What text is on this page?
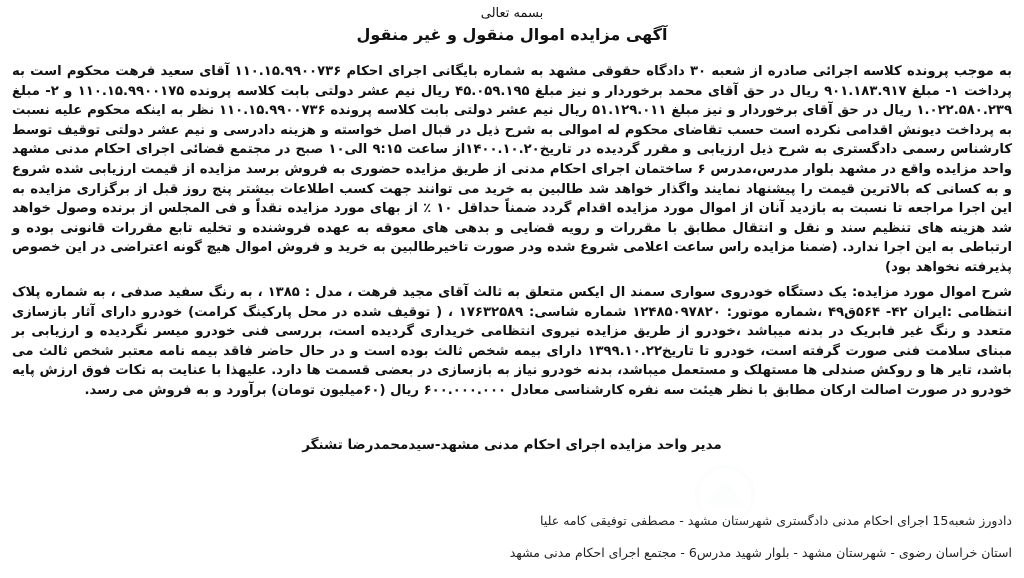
بسمه تعالی
آگهی مزایده اموال منقول و غیر منقول

به موجب پرونده کلاسه اجرائی صادره از شعبه ۳۰ دادگاه حقوقی مشهد به شماره بایگانی اجرای احکام ۱۱۰.۱۵.۹۹۰۰۷۳۶ آقای سعید فرهت محکوم است به پرداخت ۱- مبلغ ۹۰۱.۱۸۳.۹۱۷ ریال در حق آقای محمد برخوردار و نیز مبلغ ۴۵.۰۵۹.۱۹۵ ریال نیم عشر دولتی بابت کلاسه پرونده ۱۱۰.۱۵.۹۹۰۰۱۷۵ و ۲- مبلغ ۱.۰۲۲.۵۸۰.۲۳۹ ریال در حق آقای برخوردار و نیز مبلغ ۵۱.۱۲۹.۰۱۱ ریال نیم عشر دولتی بابت کلاسه پرونده ۱۱۰.۱۵.۹۹۰۰۷۳۶ نظر به اینکه محکوم علیه نسبت به پرداخت دیونش اقدامی نکرده است حسب تقاضای محکوم له اموالی به شرح ذیل در قبال اصل خواسته و هزینه دادرسی و نیم عشر دولتی توقیف توسط کارشناس رسمی دادگستری به شرح ذیل ارزیابی و مقرر گردیده در تاریخ۱۴۰۰.۱۰.۲۰از ساعت ۹:۱۵ الی۱۰ صبح در مجتمع قضائی اجرای احکام مدنی مشهد واحد مزایده واقع در مشهد بلوار مدرس،مدرس ۶ ساختمان اجرای احکام مدنی از طریق مزایده حضوری به فروش برسد مزایده از قیمت ارزیابی شده شروع و به کسانی که بالاترین قیمت را پیشنهاد نمایند واگذار خواهد شد طالبین به خرید می توانند جهت کسب اطلاعات بیشتر پنج روز قبل از برگزاری مزایده به این اجرا مراجعه تا نسبت به بازدید آنان از اموال مورد مزایده اقدام گردد ضمناً حداقل ۱۰ ٪ از بهای مورد مزایده نقداً و فی المجلس از برنده وصول خواهد شد هزینه های تنظیم سند و نقل و انتقال مطابق با مقررات و رویه قضایی و بدهی های معوقه به عهده فروشنده و تخلیه تابع مقررات قانونی بوده و ارتباطی به این اجرا ندارد. (ضمنا مزایده راس ساعت اعلامی شروع شده ودر صورت تاخیرطالبین به خرید و فروش اموال هیچ گونه اعتراضی در این خصوص پذیرفته نخواهد بود)

شرح اموال مورد مزایده: یک دستگاه خودروی سواری سمند ال ایکس متعلق به ثالث آقای مجید فرهت ، مدل : ۱۳۸۵ ، به رنگ سفید صدفی ، به شماره پلاک انتظامی :ایران ۴۲- ۵۶۴ق۴۹ ،شماره موتور: ۱۲۴۸۵۰۹۷۸۲۰ شماره شاسی: ۱۷۶۳۲۵۸۹ ، ( توقیف شده در محل پارکینگ کرامت) خودرو دارای آثار بازسازی متعدد و رنگ غیر فابریک در بدنه میباشد ،خودرو از طریق مزایده نیروی انتظامی خریداری گردیده است، بررسی فنی خودرو میسر نگردیده و ارزیابی بر مبنای سلامت فنی صورت گرفته است، خودرو تا تاریخ۱۳۹۹.۱۰.۲۲ دارای بیمه شخص ثالث بوده است و در حال حاضر فاقد بیمه نامه معتبر شخص ثالث می باشد، تایر ها و روکش صندلی ها مستهلک و مستعمل میباشد، بدنه خودرو نیاز به بازسازی در بعضی قسمت ها دارد. علیهذا با عنایت به نکات فوق ارزش پایه خودرو در صورت اصالت ارکان مطابق با نظر هیئت سه نفره کارشناسی معادل ۶۰۰.۰۰۰.۰۰۰ ریال (۶۰میلیون تومان) برآورد و به فروش می رسد.

مدیر واحد مزایده اجرای احکام مدنی مشهد-سیدمحمدرضا تشنگر
دادورز شعبه15 اجرای احکام مدنی دادگستری شهرستان مشهد - مصطفی توفیقی کامه علیا
استان خراسان رضوی - شهرستان مشهد - بلوار شهید مدرس6 - مجتمع اجرای احکام مدنی مشهد
